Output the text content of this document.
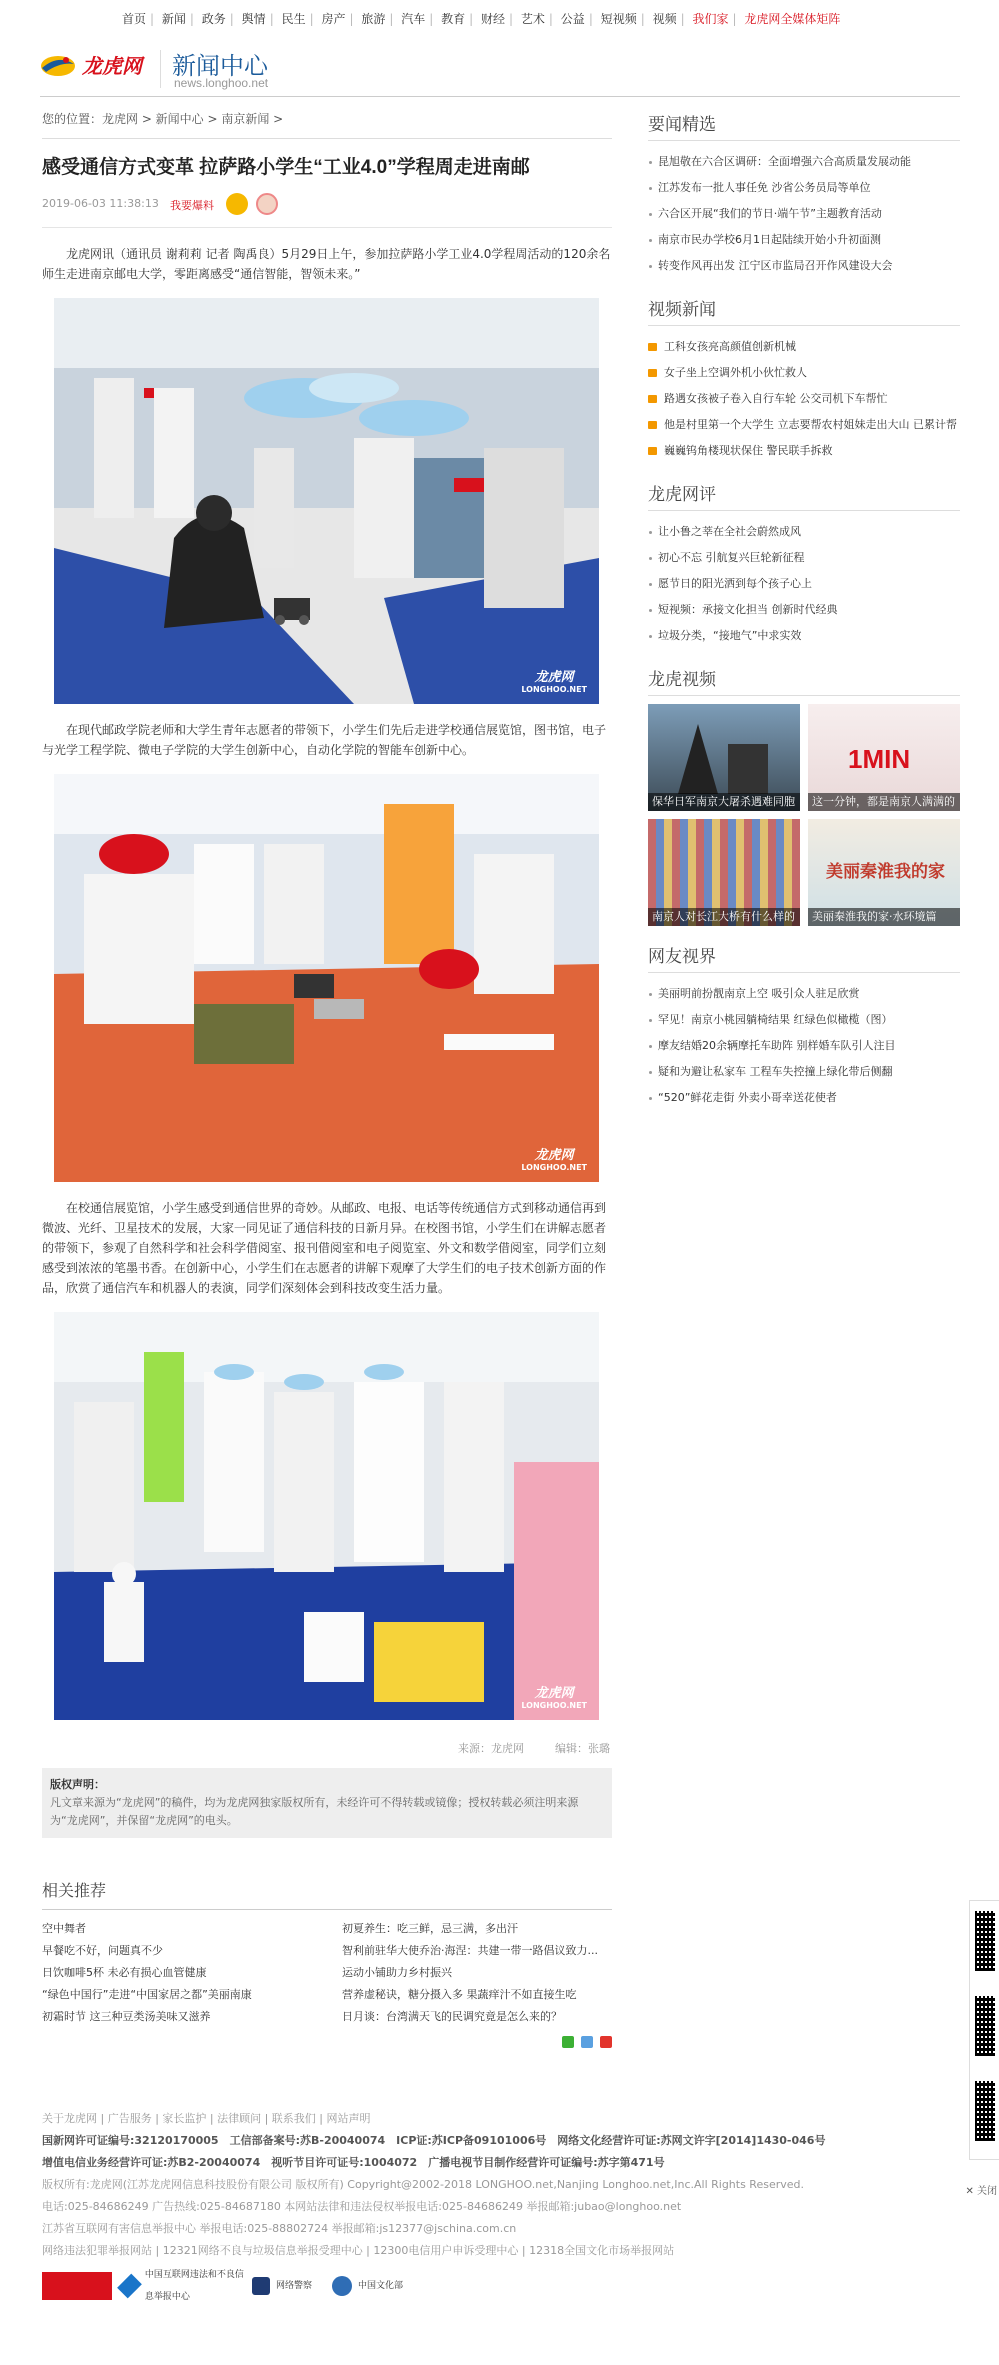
首页 | 新闻 | 政务 | 舆情 | 民生 | 房产 | 旅游 | 汽车 | 教育 | 财经 | 艺术 | 公益 | 短视频 | 视频 | 我们家 | 龙虎网全媒体矩阵
龙虎网 新闻中心
news.longhoo.net
您的位置：龙虎网 > 新闻中心 > 南京新闻 >
感受通信方式变革 拉萨路小学生“工业4.0”学程周走进南邮
2019-06-03 11:38:13 我要爆料

龙虎网讯（通讯员 谢莉莉 记者 陶禹良）5月29日上午，参加拉萨路小学工业4.0学程周活动的120余名师生走进南京邮电大学，零距离感受“通信智能，智领未来。”

龙虎网
LONGHOO.NET

在现代邮政学院老师和大学生青年志愿者的带领下，小学生们先后走进学校通信展览馆，图书馆，电子与光学工程学院、微电子学院的大学生创新中心，自动化学院的智能车创新中心。

龙虎网
LONGHOO.NET

在校通信展览馆，小学生感受到通信世界的奇妙。从邮政、电报、电话等传统通信方式到移动通信再到微波、光纤、卫星技术的发展，大家一同见证了通信科技的日新月异。在校图书馆，小学生们在讲解志愿者的带领下，参观了自然科学和社会科学借阅室、报刊借阅室和电子阅览室、外文和数学借阅室，同学们立刻感受到浓浓的笔墨书香。在创新中心，小学生们在志愿者的讲解下观摩了大学生们的电子技术创新方面的作品，欣赏了通信汽车和机器人的表演，同学们深刻体会到科技改变生活力量。

龙虎网
LONGHOO.NET
来源：龙虎网	编辑：张璐
版权声明：
凡文章来源为“龙虎网”的稿件，均为龙虎网独家版权所有，未经许可不得转载或镜像；授权转载必须注明来源为“龙虎网”，并保留“龙虎网”的电头。
相关推荐
空中舞者	初夏养生：吃三鲜，忌三满，多出汗
早餐吃不好，问题真不少	智利前驻华大使乔治·海涅：共建一带一路倡议致力...
日饮咖啡5杯 未必有损心血管健康	运动小铺助力乡村振兴
“绿色中国行”走进“中国家居之都”美丽南康	营养虚秘诀，糖分摄入多 果蔬痒汁不如直接生吃
初霜时节 这三种豆类汤美味又滋养	日月谈：台湾满天飞的民调究竟是怎么来的？

要闻精选
昆旭敬在六合区调研：全面增强六合高质量发展动能
江苏发布一批人事任免 沙省公务员局等单位
六合区开展“我们的节日·端午节”主题教育活动
南京市民办学校6月1日起陆续开始小升初面测
转变作风再出发 江宁区市监局召开作风建设大会
视频新闻
工科女孩亮高颜值创新机械
女子坐上空调外机小伙忙救人
路遇女孩被子卷入自行车轮 公交司机下车帮忙
他是村里第一个大学生 立志要帮农村姐妹走出大山 已累计帮
巍巍钨角楼现状保住 警民联手拆救
龙虎网评
让小鲁之莘在全社会蔚然成风
初心不忘 引航复兴巨轮新征程
愿节日的阳光洒到每个孩子心上
短视频：承接文化担当 创新时代经典
垃圾分类，“接地气”中求实效
龙虎视频
保华日军南京大屠杀遇难同胞
1MIN
这一分钟，都是南京人满满的
南京人对长江大桥有什么样的
美丽秦淮我的家
美丽秦淮我的家·水环境篇
网友视界
美丽明前扮靓南京上空 吸引众人驻足欣赏
罕见！南京小桃园躺椅结果 红绿色似橄榄（图）
摩友结婚20余辆摩托车助阵 别样婚车队引人注目
疑和为避让私家车 工程车失控撞上绿化带后侧翻
“520”鲜花走街 外卖小哥幸送花使者
✕ 关闭
关于龙虎网 | 广告服务 | 家长监护 | 法律顾问 | 联系我们 | 网站声明
国新网许可证编号:32120170005　工信部备案号:苏B-20040074　ICP证:苏ICP备09101006号　网络文化经营许可证:苏网文许字[2014]1430-046号
增值电信业务经营许可证:苏B2-20040074　视听节目许可证号:1004072　广播电视节目制作经营许可证编号:苏字第471号
版权所有:龙虎网(江苏龙虎网信息科技股份有限公司 版权所有) Copyright@2002-2018 LONGHOO.net,Nanjing Longhoo.net,Inc.All Rights Reserved.
电话:025-84686249 广告热线:025-84687180 本网站法律和违法侵权举报电话:025-84686249 举报邮箱:jubao@longhoo.net
江苏省互联网有害信息举报中心 举报电话:025-88802724 举报邮箱:js12377@jschina.com.cn
网络违法犯罪举报网站 | 12321网络不良与垃圾信息举报受理中心 | 12300电信用户申诉受理中心 | 12318全国文化市场举报网站
中国互联网违法和不良信息举报中心
网络警察	中国文化部
